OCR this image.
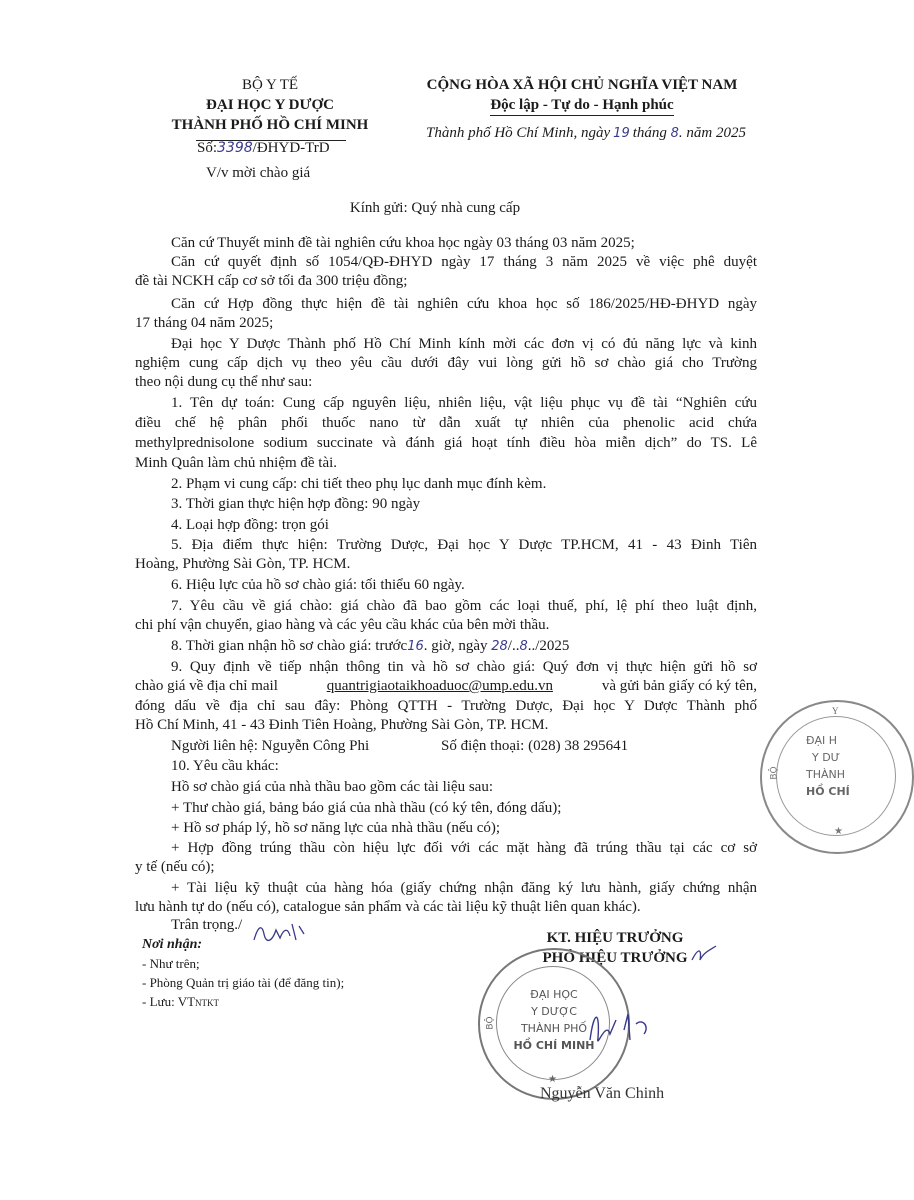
BỘ Y TẾ
ĐẠI HỌC Y DƯỢC
THÀNH PHỐ HỒ CHÍ MINH
Số:3398/ĐHYD-TrD
V/v mời chào giá
CỘNG HÒA XÃ HỘI CHỦ NGHĨA VIỆT NAM
Độc lập - Tự do - Hạnh phúc
Thành phố Hồ Chí Minh, ngày 19 tháng 8. năm 2025
Kính gửi: Quý nhà cung cấp
Căn cứ Thuyết minh đề tài nghiên cứu khoa học ngày 03 tháng 03 năm 2025;
Căn cứ quyết định số 1054/QĐ-ĐHYD ngày 17 tháng 3 năm 2025 về việc phê duyệt
đề tài NCKH cấp cơ sở tối đa 300 triệu đồng;
Căn cứ Hợp đồng thực hiện đề tài nghiên cứu khoa học số 186/2025/HĐ-ĐHYD ngày
17 tháng 04 năm 2025;
Đại học Y Dược Thành phố Hồ Chí Minh kính mời các đơn vị có đủ năng lực và kinh
nghiệm cung cấp dịch vụ theo yêu cầu dưới đây vui lòng gửi hồ sơ chào giá cho Trường
theo nội dung cụ thể như sau:
1. Tên dự toán: Cung cấp nguyên liệu, nhiên liệu, vật liệu phục vụ đề tài “Nghiên cứu
điều chế hệ phân phối thuốc nano từ dẫn xuất tự nhiên của phenolic acid chứa
methylprednisolone sodium succinate và đánh giá hoạt tính điều hòa miễn dịch” do TS. Lê
Minh Quân làm chủ nhiệm đề tài.
2. Phạm vi cung cấp: chi tiết theo phụ lục danh mục đính kèm.
3. Thời gian thực hiện hợp đồng: 90 ngày
4. Loại hợp đồng: trọn gói
5. Địa điểm thực hiện: Trường Dược, Đại học Y Dược TP.HCM, 41 - 43 Đinh Tiên
Hoàng, Phường Sài Gòn, TP. HCM.
6. Hiệu lực của hồ sơ chào giá: tối thiểu 60 ngày.
7. Yêu cầu về giá chào: giá chào đã bao gồm các loại thuế, phí, lệ phí theo luật định,
chi phí vận chuyển, giao hàng và các yêu cầu khác của bên mời thầu.
8. Thời gian nhận hồ sơ chào giá: trước16. giờ, ngày 28/..8../2025
9. Quy định về tiếp nhận thông tin và hồ sơ chào giá: Quý đơn vị thực hiện gửi hồ sơ
chào giá về địa chỉ mail	quantrigiaotaikhoaduoc@ump.edu.vn	và gửi bản giấy có ký tên,
đóng dấu về địa chỉ sau đây: Phòng QTTH - Trường Dược, Đại học Y Dược Thành phố
Hồ Chí Minh, 41 - 43 Đinh Tiên Hoàng, Phường Sài Gòn, TP. HCM.
Người liên hệ: Nguyễn Công Phi	Số điện thoại: (028) 38 295641
10. Yêu cầu khác:
Hồ sơ chào giá của nhà thầu bao gồm các tài liệu sau:
+ Thư chào giá, bảng báo giá của nhà thầu (có ký tên, đóng dấu);
+ Hồ sơ pháp lý, hồ sơ năng lực của nhà thầu (nếu có);
+ Hợp đồng trúng thầu còn hiệu lực đối với các mặt hàng đã trúng thầu tại các cơ sở
y tế (nếu có);
+ Tài liệu kỹ thuật của hàng hóa (giấy chứng nhận đăng ký lưu hành, giấy chứng nhận
lưu hành tự do (nếu có), catalogue sản phẩm và các tài liệu kỹ thuật liên quan khác).
Trân trọng./
Nơi nhận:
- Như trên;
- Phòng Quản trị giáo tài (để đăng tin);
- Lưu: VTNTKT
KT. HIỆU TRƯỞNG
PHÓ HIỆU TRƯỞNG
ĐẠI HỌC
Y DƯỢC
THÀNH PHỐ
HỒ CHÍ MINH
BỘ
★
Nguyễn Văn Chinh
Y
ĐẠI H
Y DƯ
THÀNH
HỒ CHÍ
BỘ
★
